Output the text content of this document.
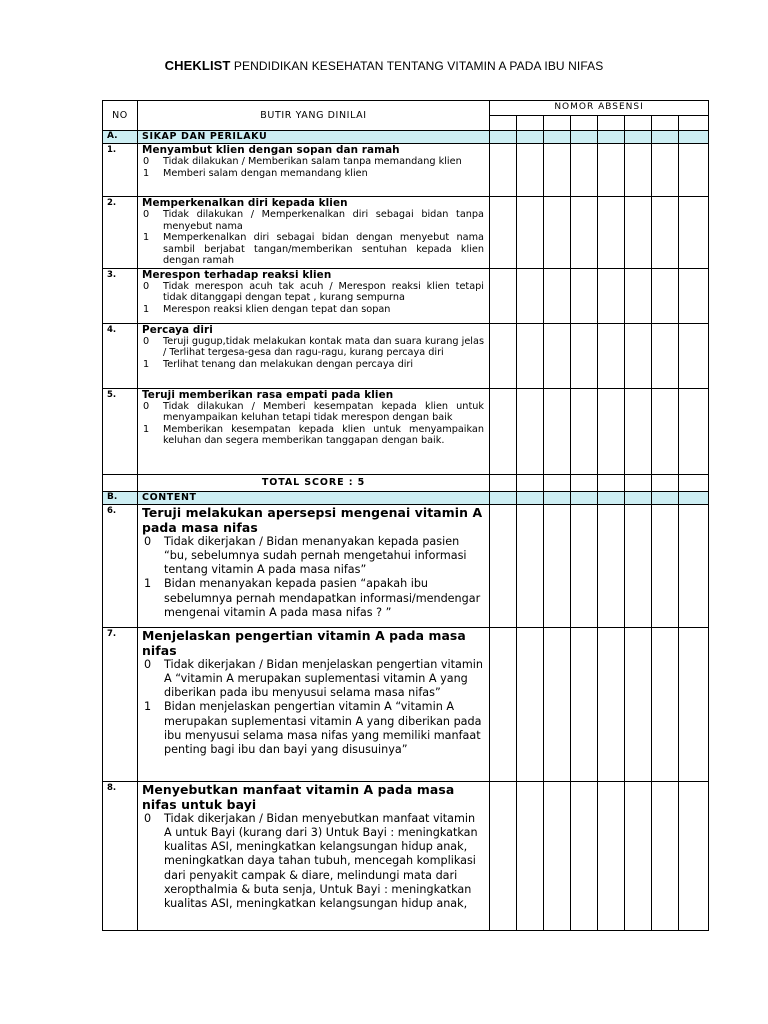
CHEKLIST PENDIDIKAN KESEHATAN TENTANG VITAMIN A PADA IBU NIFAS
NO	BUTIR YANG DINILAI	NOMOR ABSENSI							

A.	SIKAP DAN PERILAKU								
1.	Menyambut klien dengan sopan dan ramah
0 Tidak dilakukan / Memberikan salam tanpa memandang klien
1 Memberi salam dengan memandang klien								

2.	Memperkenalkan diri kepada klien
0 Tidak dilakukan / Memperkenalkan diri sebagai bidan tanpa menyebut nama
1 Memperkenalkan diri sebagai bidan dengan menyebut nama sambil berjabat tangan/memberikan sentuhan kepada klien dengan ramah								

3.	Merespon terhadap reaksi klien
0 Tidak merespon acuh tak acuh / Merespon reaksi klien tetapi tidak ditanggapi dengan tepat , kurang sempurna
1 Merespon reaksi klien dengan tepat dan sopan								

4.	Percaya diri
0 Teruji gugup,tidak melakukan kontak mata dan suara kurang jelas / Terlihat tergesa-gesa dan ragu-ragu, kurang percaya diri
1 Terlihat tenang dan melakukan dengan percaya diri								

5.	Teruji memberikan rasa empati pada klien
0 Tidak dilakukan / Memberi kesempatan kepada klien untuk menyampaikan keluhan tetapi tidak merespon dengan baik
1 Memberikan kesempatan kepada klien untuk menyampaikan keluhan dan segera memberikan tanggapan dengan baik.								

	TOTAL SCORE : 5								
B.	CONTENT								
6.	Teruji melakukan apersepsi mengenai vitamin A pada masa nifas
0 Tidak dikerjakan / Bidan menanyakan kepada pasien “bu, sebelumnya sudah pernah mengetahui informasi tentang vitamin A pada masa nifas”
1 Bidan menanyakan kepada pasien “apakah ibu sebelumnya pernah mendapatkan informasi/mendengar mengenai vitamin A pada masa nifas ? ”								

7.	Menjelaskan pengertian vitamin A pada masa nifas
0 Tidak dikerjakan / Bidan menjelaskan pengertian vitamin A “vitamin A merupakan suplementasi vitamin A yang diberikan pada ibu menyusui selama masa nifas”
1 Bidan menjelaskan pengertian vitamin A “vitamin A merupakan suplementasi vitamin A yang diberikan pada ibu menyusui selama masa nifas yang memiliki manfaat penting bagi ibu dan bayi yang disusuinya”								

8.	Menyebutkan manfaat vitamin A pada masa nifas untuk bayi
0 Tidak dikerjakan / Bidan menyebutkan manfaat vitamin A untuk Bayi (kurang dari 3) Untuk Bayi : meningkatkan kualitas ASI, meningkatkan kelangsungan hidup anak, meningkatkan daya tahan tubuh, mencegah komplikasi dari penyakit campak & diare, melindungi mata dari xeropthalmia & buta senja, Untuk Bayi : meningkatkan kualitas ASI, meningkatkan kelangsungan hidup anak,								
